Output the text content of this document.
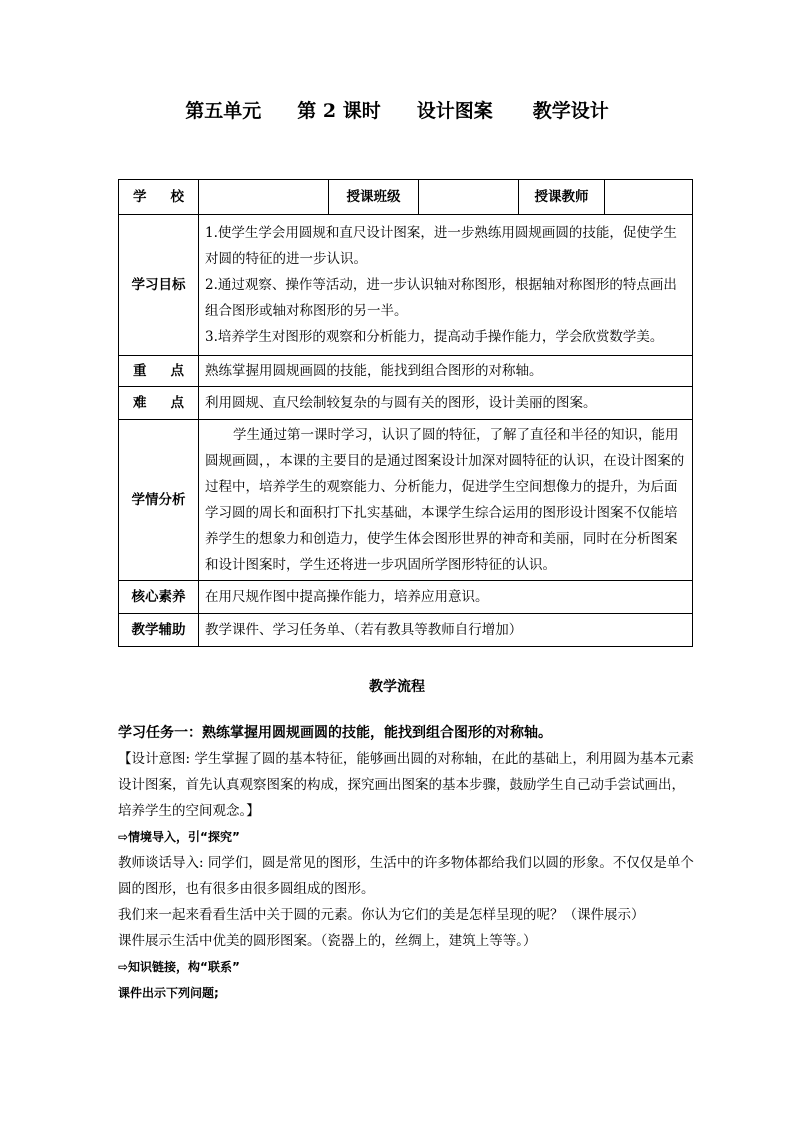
第五单元 第 2 课时 设计图案 教学设计
学 校		授课班级		授课教师	
学习目标	1.使学生学会用圆规和直尺设计图案，进一步熟练用圆规画圆的技能，促使学生对圆的特征的进一步认识。

2.通过观察、操作等活动，进一步认识轴对称图形，根据轴对称图形的特点画出组合图形或轴对称图形的另一半。

3.培养学生对图形的观察和分析能力，提高动手操作能力，学会欣赏数学美。				

重 点	熟练掌握用圆规画圆的技能，能找到组合图形的对称轴。				

难 点	利用圆规、直尺绘制较复杂的与圆有关的图形，设计美丽的图案。				
学情分析	学生通过第一课时学习，认识了圆的特征，了解了直径和半径的知识，能用圆规画圆，，本课的主要目的是通过图案设计加深对圆特征的认识，在设计图案的过程中，培养学生的观察能力、分析能力，促进学生空间想像力的提升，为后面学习圆的周长和面积打下扎实基础，本课学生综合运用的图形设计图案不仅能培养学生的想象力和创造力，使学生体会图形世界的神奇和美丽，同时在分析图案和设计图案时，学生还将进一步巩固所学图形特征的认识。				

核心素养	在用尺规作图中提高操作能力，培养应用意识。				
教学辅助	教学课件、学习任务单、（若有教具等教师自行增加）				
教学流程

学习任务一：熟练掌握用圆规画圆的技能，能找到组合图形的对称轴。

【设计意图: 学生掌握了圆的基本特征，能够画出圆的对称轴，在此的基础上，利用圆为基本元素设计图案，首先认真观察图案的构成，探究画出图案的基本步骤，鼓励学生自己动手尝试画出，培养学生的空间观念。】

⇨情境导入，引“探究”

教师谈话导入: 同学们，圆是常见的图形，生活中的许多物体都给我们以圆的形象。不仅仅是单个圆的图形，也有很多由很多圆组成的图形。

我们来一起来看看生活中关于圆的元素。你认为它们的美是怎样呈现的呢？（课件展示）

课件展示生活中优美的圆形图案。（瓷器上的，丝绸上，建筑上等等。）

⇨知识链接，构“联系”

课件出示下列问题;
